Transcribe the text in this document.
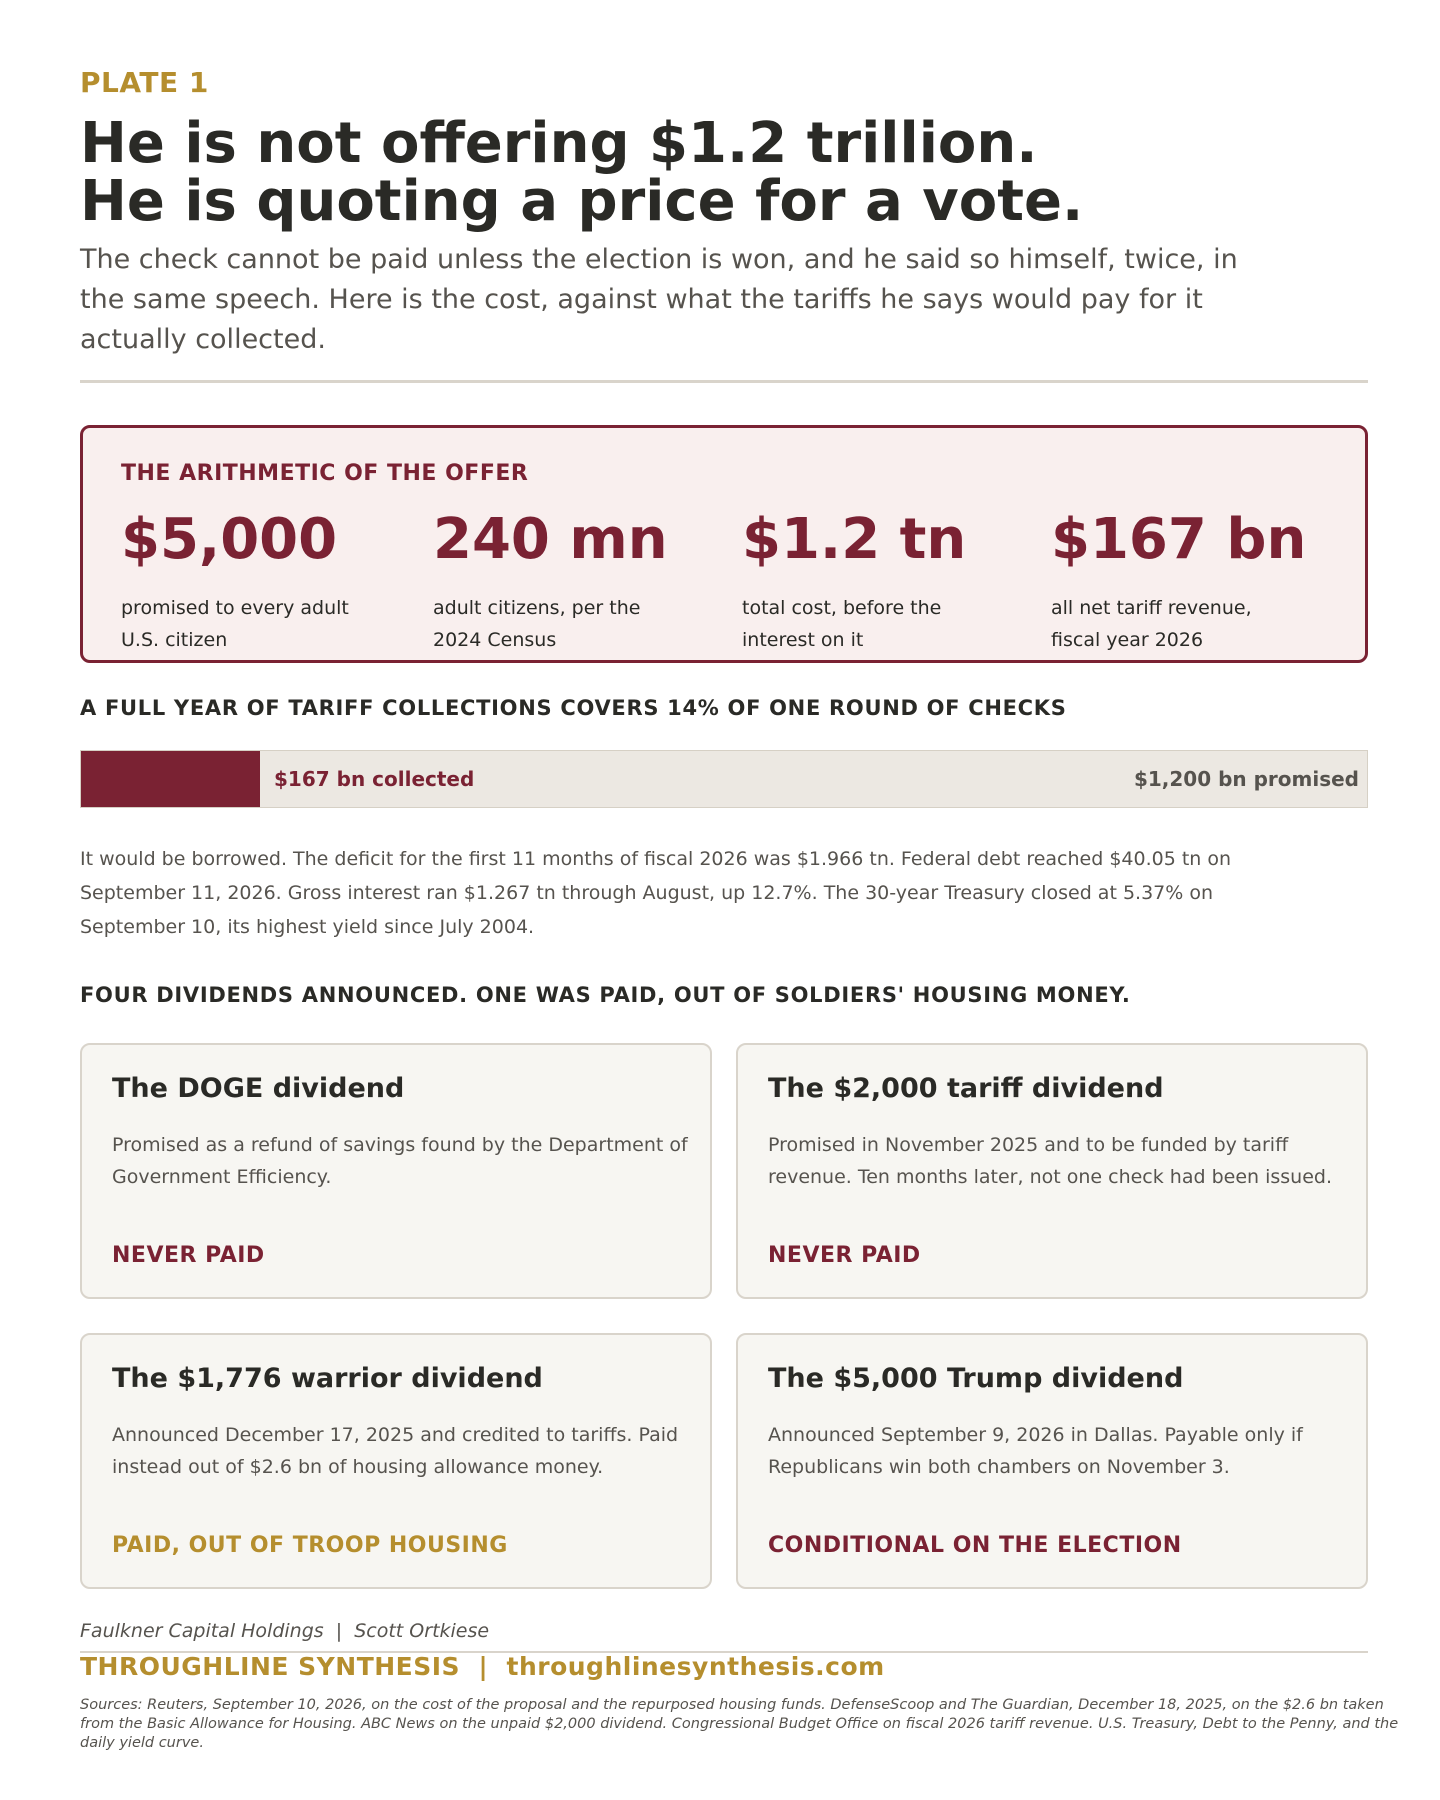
PLATE 1
He is not offering $1.2 trillion.
He is quoting a price for a vote.

The check cannot be paid unless the election is won, and he said so himself, twice, in the same speech. Here is the cost, against what the tariffs he says would pay for it actually collected.

THE ARITHMETIC OF THE OFFER
$5,000
promised to every adult U.S. citizen
240 mn
adult citizens, per the 2024 Census
$1.2 tn
total cost, before the interest on it
$167 bn
all net tariff revenue, fiscal year 2026
A FULL YEAR OF TARIFF COLLECTIONS COVERS 14% OF ONE ROUND OF CHECKS
$167 bn collected	$1,200 bn promised

It would be borrowed. The deficit for the first 11 months of fiscal 2026 was $1.966 tn. Federal debt reached $40.05 tn on September 11, 2026. Gross interest ran $1.267 tn through August, up 12.7%. The 30-year Treasury closed at 5.37% on September 10, its highest yield since July 2004.

FOUR DIVIDENDS ANNOUNCED. ONE WAS PAID, OUT OF SOLDIERS' HOUSING MONEY.
The DOGE dividend
Promised as a refund of savings found by the Department of Government Efficiency.
NEVER PAID
The $2,000 tariff dividend
Promised in November 2025 and to be funded by tariff revenue. Ten months later, not one check had been issued.
NEVER PAID
The $1,776 warrior dividend
Announced December 17, 2025 and credited to tariffs. Paid instead out of $2.6 bn of housing allowance money.
PAID, OUT OF TROOP HOUSING
The $5,000 Trump dividend
Announced September 9, 2026 in Dallas. Payable only if Republicans win both chambers on November 3.
CONDITIONAL ON THE ELECTION
Faulkner Capital Holdings  |  Scott Ortkiese
THROUGHLINE SYNTHESIS  |  throughlinesynthesis.com

Sources: Reuters, September 10, 2026, on the cost of the proposal and the repurposed housing funds. DefenseScoop and The Guardian, December 18, 2025, on the $2.6 bn taken from the Basic Allowance for Housing. ABC News on the unpaid $2,000 dividend. Congressional Budget Office on fiscal 2026 tariff revenue. U.S. Treasury, Debt to the Penny, and the daily yield curve.
